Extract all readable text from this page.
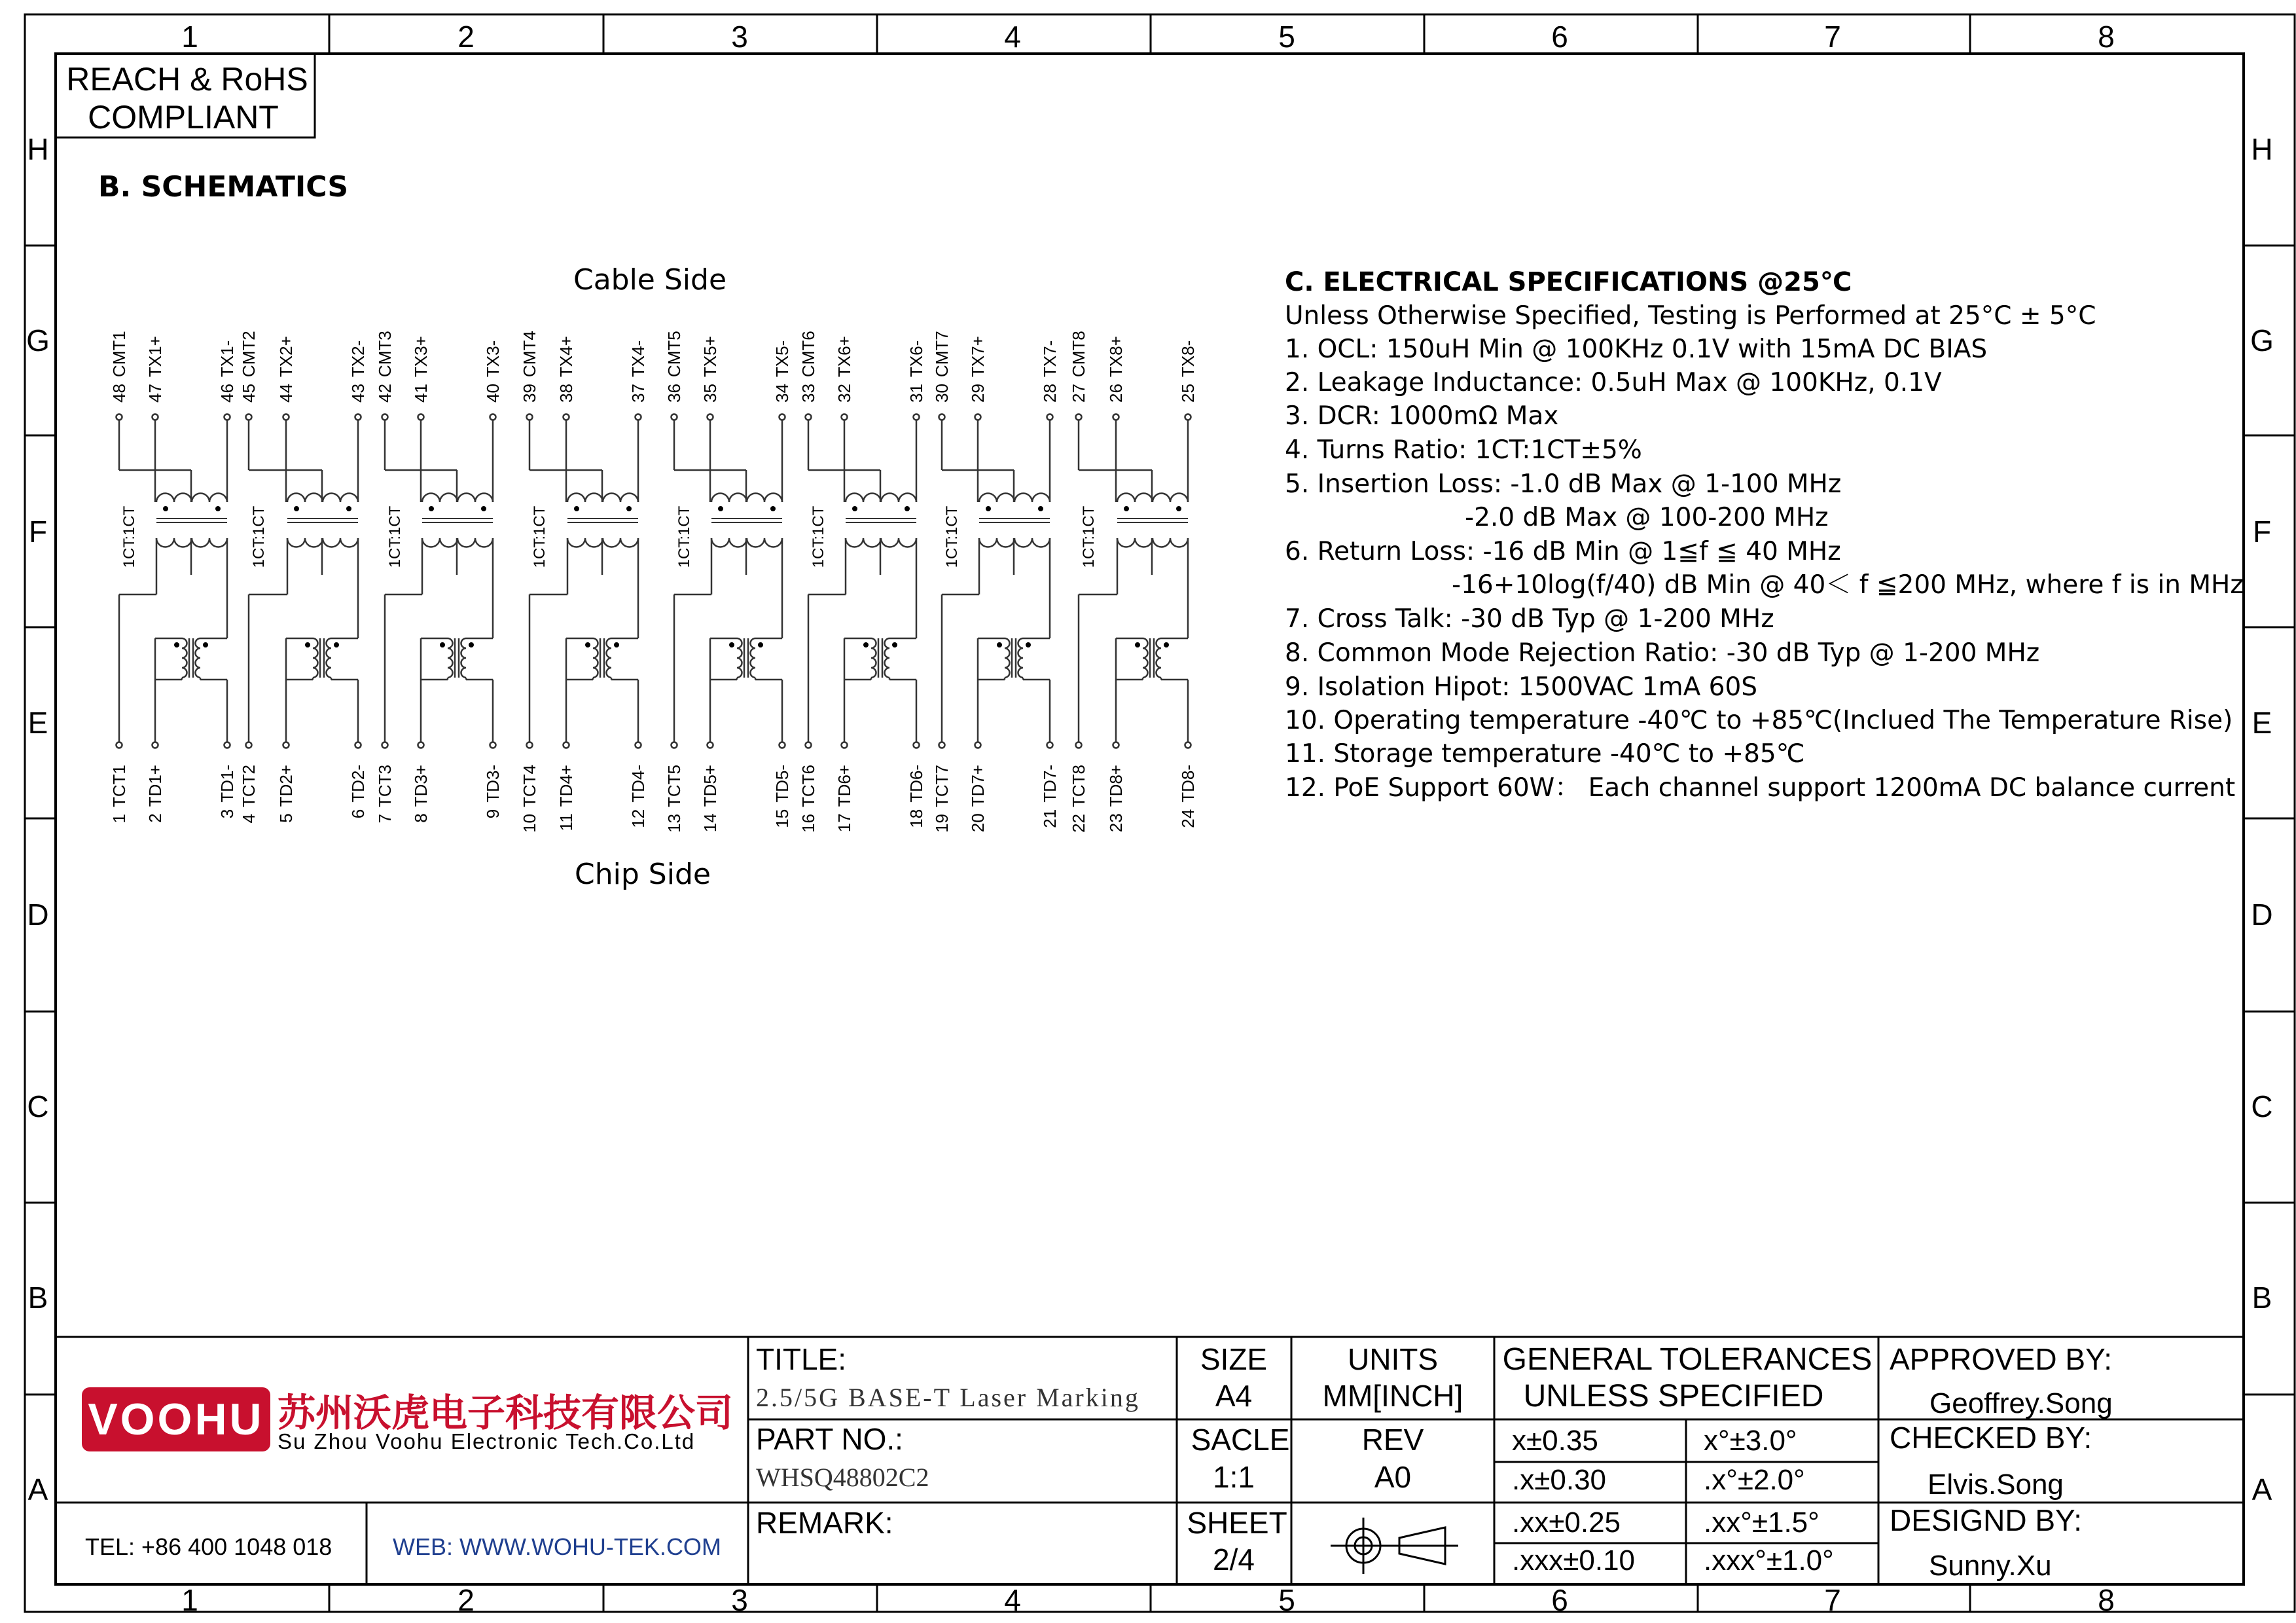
1
1
2
2
3
3
4
4
5
5
6
6
7
7
8
8
H	H
G	G
F	F
E	E
D	D
C	C
B	B
A	A
REACH & RoHS
COMPLIANT
B. SCHEMATICS
Cable Side
Chip Side
48CMT1
47TX1+
46TX1-
45CMT2
44TX2+
43TX2-
42CMT3
41TX3+
40TX3-
39CMT4
38TX4+
37TX4-
36CMT5
35TX5+
34TX5-
33CMT6
32TX6+
31TX6-
30CMT7
29TX7+
28TX7-
27CMT8
26TX8+
25TX8-
1TCT1
2TD1+
3TD1-
4TCT2
5TD2+
6TD2-
7TCT3
8TD3+
9TD3-
10TCT4
11TD4+
12TD4-
13TCT5
14TD5+
15TD5-
16TCT6
17TD6+
18TD6-
19TCT7
20TD7+
21TD7-
22TCT8
23TD8+
24TD8-
1CT:1CT	1CT:1CT	1CT:1CT	1CT:1CT	1CT:1CT	1CT:1CT	1CT:1CT	1CT:1CT
C. ELECTRICAL SPECIFICATIONS @25℃
Unless Otherwise Specified, Testing is Performed at 25°C ± 5°C
1. OCL: 150uH Min @ 100KHz 0.1V with 15mA DC BIAS
2. Leakage Inductance: 0.5uH Max @ 100KHz, 0.1V
3. DCR: 1000mΩ Max
4. Turns Ratio: 1CT:1CT±5%
5. Insertion Loss: -1.0 dB Max @ 1-100 MHz
-2.0 dB Max @ 100-200 MHz
6. Return Loss: -16 dB Min @ 1≦f ≦ 40 MHz
-16+10log(f/40) dB Min @ 40＜ f ≦200 MHz, where f is in MHz
7. Cross Talk: -30 dB Typ @ 1-200 MHz
8. Common Mode Rejection Ratio: -30 dB Typ @ 1-200 MHz
9. Isolation Hipot: 1500VAC 1mA 60S
10. Operating temperature -40℃ to +85℃(Inclued The Temperature Rise)
11. Storage temperature -40℃ to +85℃
12. PoE Support 60W： Each channel support 1200mA DC balance current
VOOHU 苏州沃虎电子科技有限公司
Su Zhou Voohu Electronic Tech.Co.Ltd
TEL: +86 400 1048 018	WEB: WWW.WOHU-TEK.COM
TITLE:
2.5/5G BASE-T Laser Marking
PART NO.:
WHSQ48802C2
REMARK:
SIZE
A4
UNITS
MM[INCH]
SACLE
1:1
REV
A0
SHEET
2/4
GENERAL TOLERANCES
UNLESS SPECIFIED
x±0.35	x°±3.0°
.x±0.30	.x°±2.0°
.xx±0.25	.xx°±1.5°
.xxx±0.10 .xxx°±1.0°
APPROVED BY:
Geoffrey.Song
CHECKED BY:
Elvis.Song
DESIGND BY:
Sunny.Xu
